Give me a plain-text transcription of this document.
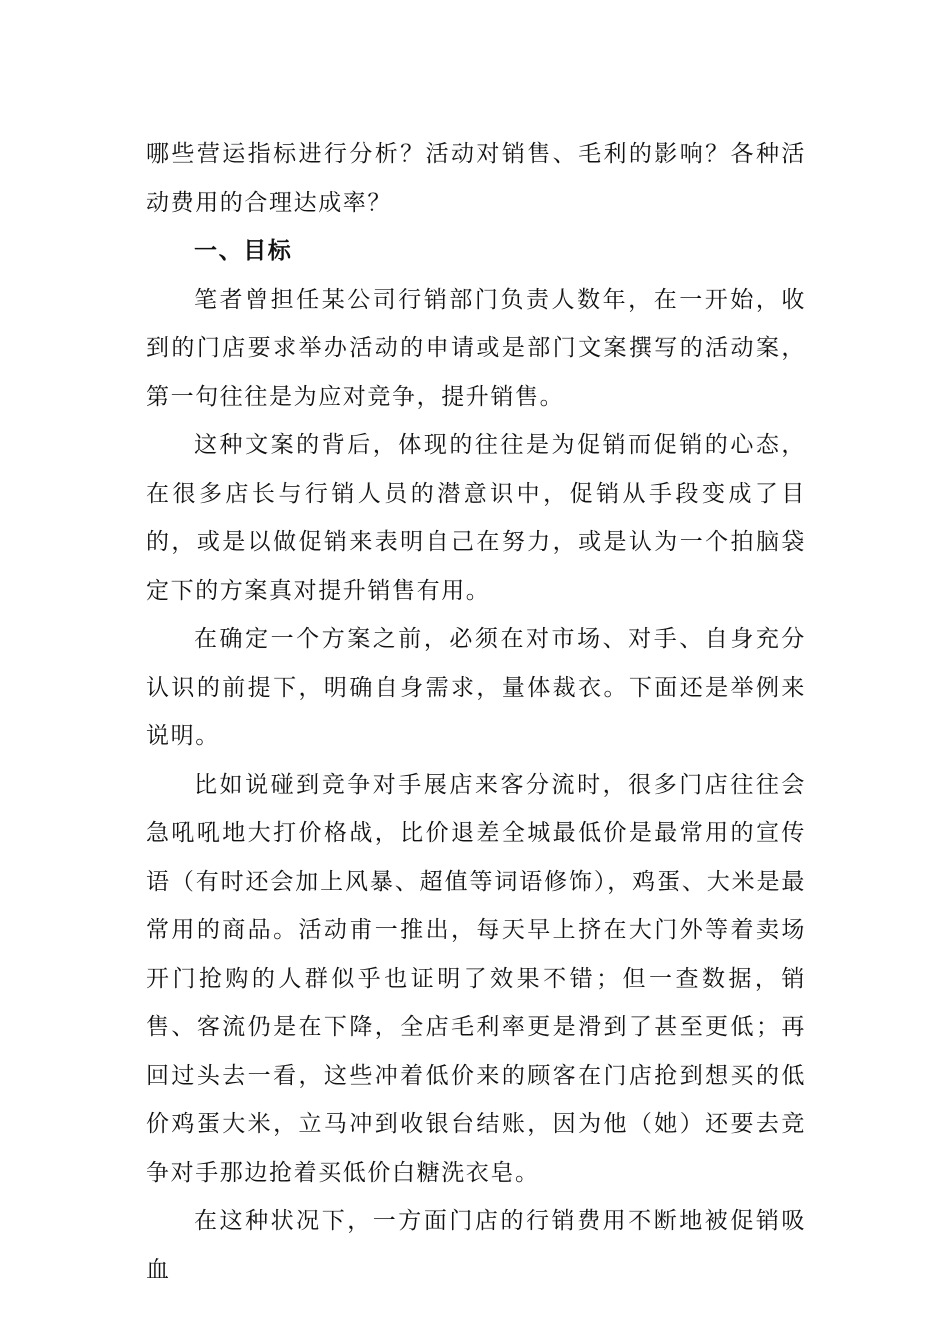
哪些营运指标进行分析？活动对销售、毛利的影响？各种活动费用的合理达成率？

一、目标

笔者曾担任某公司行销部门负责人数年，在一开始，收到的门店要求举办活动的申请或是部门文案撰写的活动案，第一句往往是为应对竞争，提升销售。

这种文案的背后，体现的往往是为促销而促销的心态，在很多店长与行销人员的潜意识中，促销从手段变成了目的，或是以做促销来表明自己在努力，或是认为一个拍脑袋定下的方案真对提升销售有用。

在确定一个方案之前，必须在对市场、对手、自身充分认识的前提下，明确自身需求，量体裁衣。下面还是举例来说明。

比如说碰到竞争对手展店来客分流时，很多门店往往会急吼吼地大打价格战，比价退差全城最低价是最常用的宣传语（有时还会加上风暴、超值等词语修饰），鸡蛋、大米是最常用的商品。活动甫一推出，每天早上挤在大门外等着卖场开门抢购的人群似乎也证明了效果不错；但一查数据，销售、客流仍是在下降，全店毛利率更是滑到了甚至更低；再回过头去一看，这些冲着低价来的顾客在门店抢到想买的低价鸡蛋大米，立马冲到收银台结账，因为他（她）还要去竞争对手那边抢着买低价白糖洗衣皂。

在这种状况下，一方面门店的行销费用不断地被促销吸血
